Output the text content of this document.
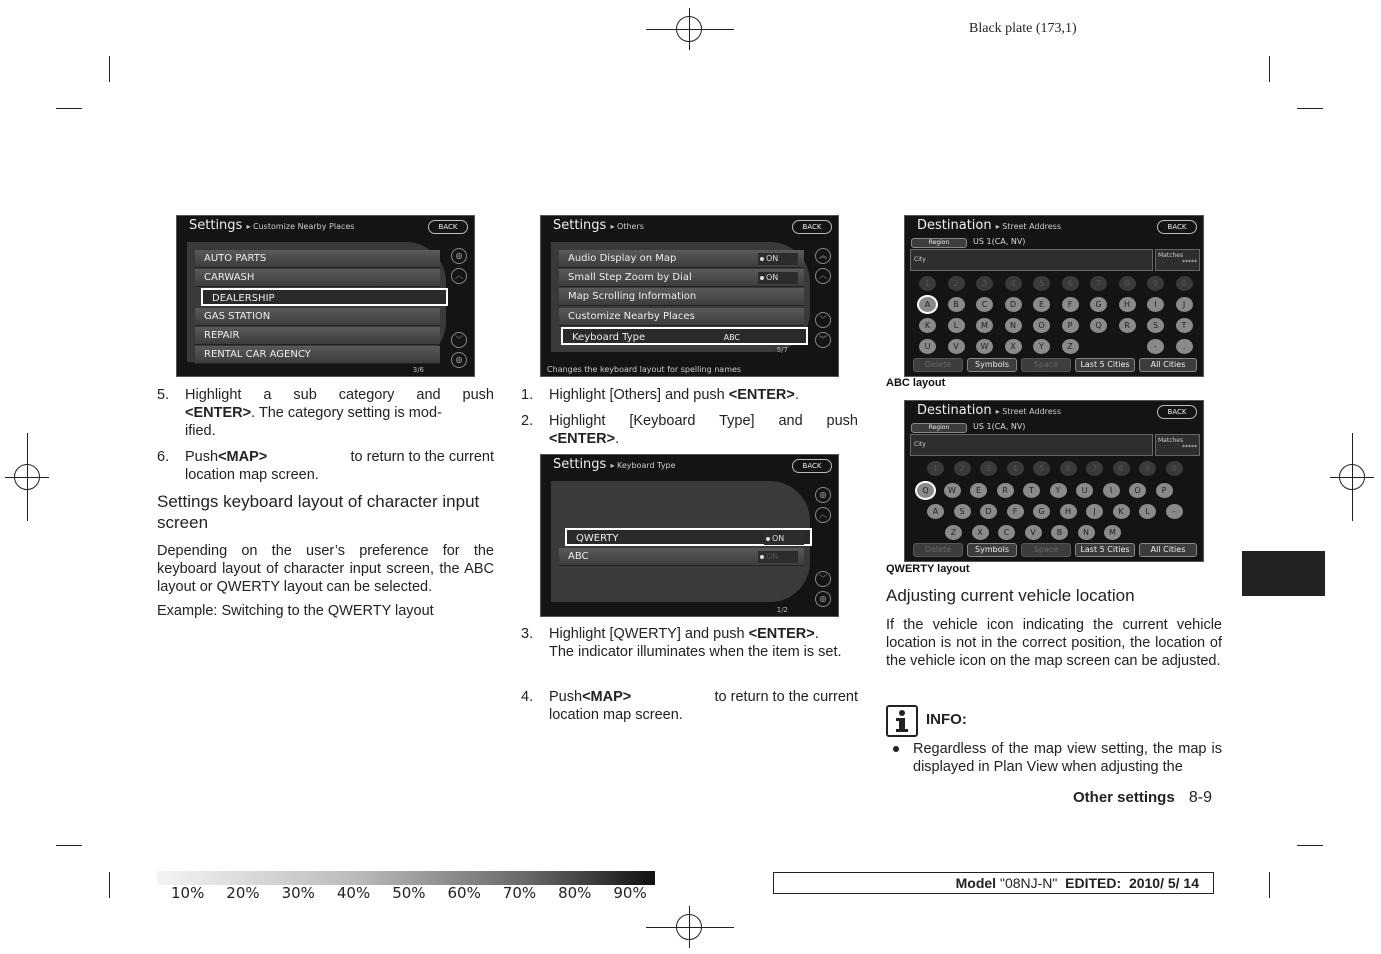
Black plate (173,1)
Settings ▸ Customize Nearby Places	BACK
AUTO PARTS
CARWASH
DEALERSHIP
GAS STATION
REPAIR
RENTAL CAR AGENCY
◎
︿
﹀
◎
3/6
Settings ▸ Others	BACK
Audio Display on Map	ON
Small Step Zoom by Dial	ON
Map Scrolling Information
Customize Nearby Places
Keyboard Type	ABC
︽
︿
﹀
︾
5/7
Changes the keyboard layout for spelling names
Settings ▸ Keyboard Type	BACK
QWERTY	ON
ABC	ON
◎
︿
﹀
◎
1/2
Destination ▸ Street Address	BACK
Region	US 1(CA, NV)
City
Matches
*****
1	2	3	4	5	6	7	8	9	0
A	B	C	D	E	F	G	H	I	J
K	L	M	N	O	P	Q	R	S	T
U	V	W	X	Y	Z	-	.
Delete	Symbols	Space	Last 5 Cities	All Cities
Destination ▸ Street Address	BACK
Region	US 1(CA, NV)
City
Matches
*****
1	2	3	4	5	6	7	8	9	0
Q	W	E	R	T	Y	U	I	O	P
A	S	D	F	G	H	J	K	L	-
Z	X	C	V	B	N	M
Delete	Symbols	Space	Last 5 Cities	All Cities
5. Highlight a sub category and push
<ENTER>. The category setting is mod-
ified.
6. Push <MAP>	to return to the current
location map screen.
Settings keyboard layout of character input screen
Depending on the user’s preference for the keyboard layout of character input screen, the ABC layout or QWERTY layout can be selected.
Example: Switching to the QWERTY layout
1. Highlight [Others] and push <ENTER>.
2. Highlight [Keyboard Type] and push
<ENTER>.
3. Highlight [QWERTY] and push <ENTER>.
The indicator illuminates when the item is set.
4. Push <MAP>	to return to the current
location map screen.
ABC layout
QWERTY layout
Adjusting current vehicle location
If the vehicle icon indicating the current vehicle location is not in the correct position, the location of the vehicle icon on the map screen can be adjusted.
INFO:
Regardless of the map view setting, the map is displayed in Plan View when adjusting the
Other settings 8-9
10% 20% 30% 40% 50% 60% 70% 80% 90%
Model "08NJ-N" EDITED: 2010/ 5/ 14
